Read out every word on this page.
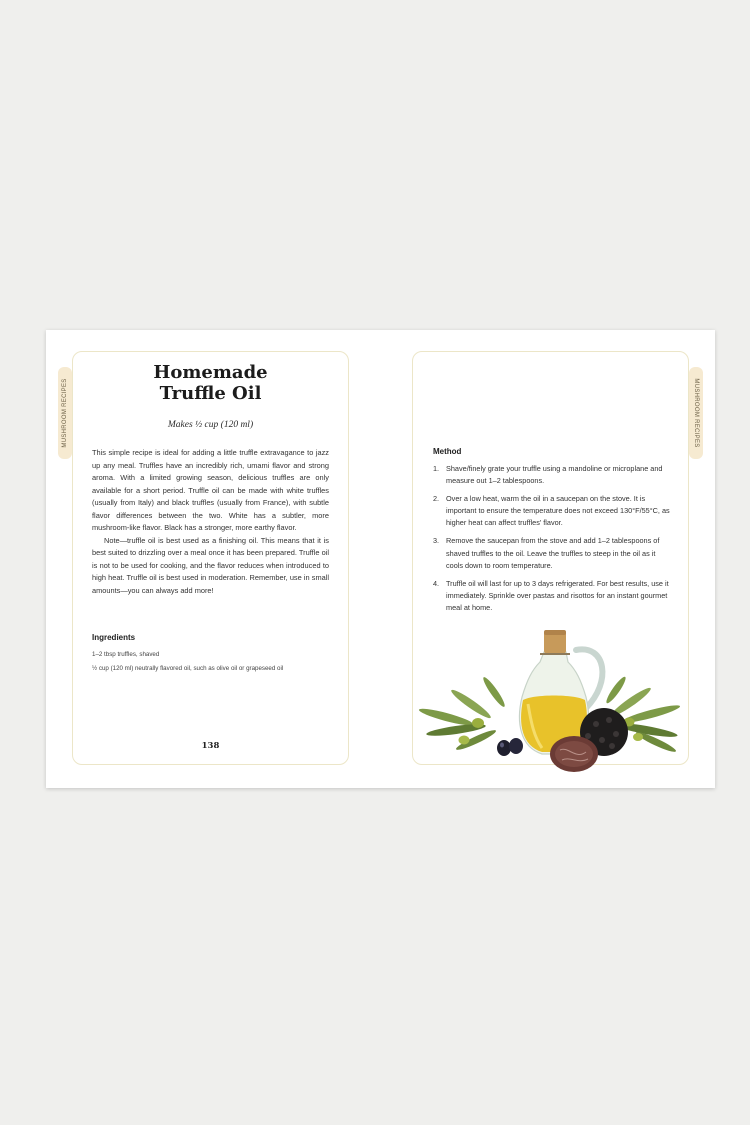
MUSHROOM RECIPES	MUSHROOM RECIPES
Homemade
Truffle Oil
Makes ½ cup (120 ml)

This simple recipe is ideal for adding a little truffle extravagance to jazz up any meal. Truffles have an incredibly rich, umami flavor and strong aroma. With a limited growing season, delicious truffles are only available for a short period. Truffle oil can be made with white truffles (usually from Italy) and black truffles (usually from France), with subtle flavor differences between the two. White has a subtler, more mushroom-like flavor. Black has a stronger, more earthy flavor.

Note—truffle oil is best used as a finishing oil. This means that it is best suited to drizzling over a meal once it has been prepared. Truffle oil is not to be used for cooking, and the flavor reduces when introduced to high heat. Truffle oil is best used in moderation. Remember, use in small amounts—you can always add more!

Ingredients
1–2 tbsp truffles, shaved
½ cup (120 ml) neutrally flavored oil, such as olive oil or grapeseed oil
138
Method
1. Shave/finely grate your truffle using a mandoline or microplane and measure out 1–2 tablespoons.
2. Over a low heat, warm the oil in a saucepan on the stove. It is important to ensure the temperature does not exceed 130°F/55°C, as higher heat can affect truffles' flavor.
3. Remove the saucepan from the stove and add 1–2 tablespoons of shaved truffles to the oil. Leave the truffles to steep in the oil as it cools down to room temperature.
4. Truffle oil will last for up to 3 days refrigerated. For best results, use it immediately. Sprinkle over pastas and risottos for an instant gourmet meal at home.
